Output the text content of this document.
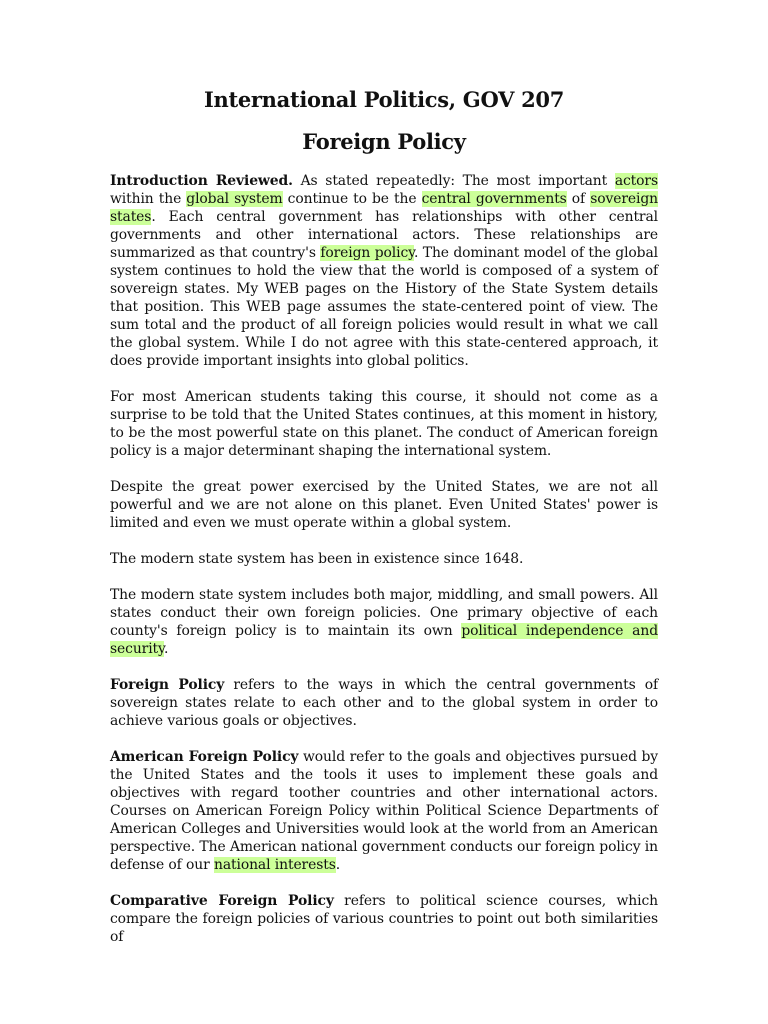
International Politics, GOV 207
Foreign Policy

Introduction Reviewed. As stated repeatedly: The most important actors within the global system continue to be the central governments of sovereign states. Each central government has relationships with other central governments and other international actors. These relationships are summarized as that country's foreign policy. The dominant model of the global system continues to hold the view that the world is composed of a system of sovereign states. My WEB pages on the History of the State System details that position. This WEB page assumes the state-centered point of view. The sum total and the product of all foreign policies would result in what we call the global system. While I do not agree with this state-centered approach, it does provide important insights into global politics.

For most American students taking this course, it should not come as a surprise to be told that the United States continues, at this moment in history, to be the most powerful state on this planet. The conduct of American foreign policy is a major determinant shaping the international system.

Despite the great power exercised by the United States, we are not all powerful and we are not alone on this planet. Even United States' power is limited and even we must operate within a global system.

The modern state system has been in existence since 1648.

The modern state system includes both major, middling, and small powers. All states conduct their own foreign policies. One primary objective of each county's foreign policy is to maintain its own political independence and security.

Foreign Policy refers to the ways in which the central governments of sovereign states relate to each other and to the global system in order to achieve various goals or objectives.

American Foreign Policy would refer to the goals and objectives pursued by the United States and the tools it uses to implement these goals and objectives with regard toother countries and other international actors. Courses on American Foreign Policy within Political Science Departments of American Colleges and Universities would look at the world from an American perspective. The American national government conducts our foreign policy in defense of our national interests.

Comparative Foreign Policy refers to political science courses, which compare the foreign policies of various countries to point out both similarities of
